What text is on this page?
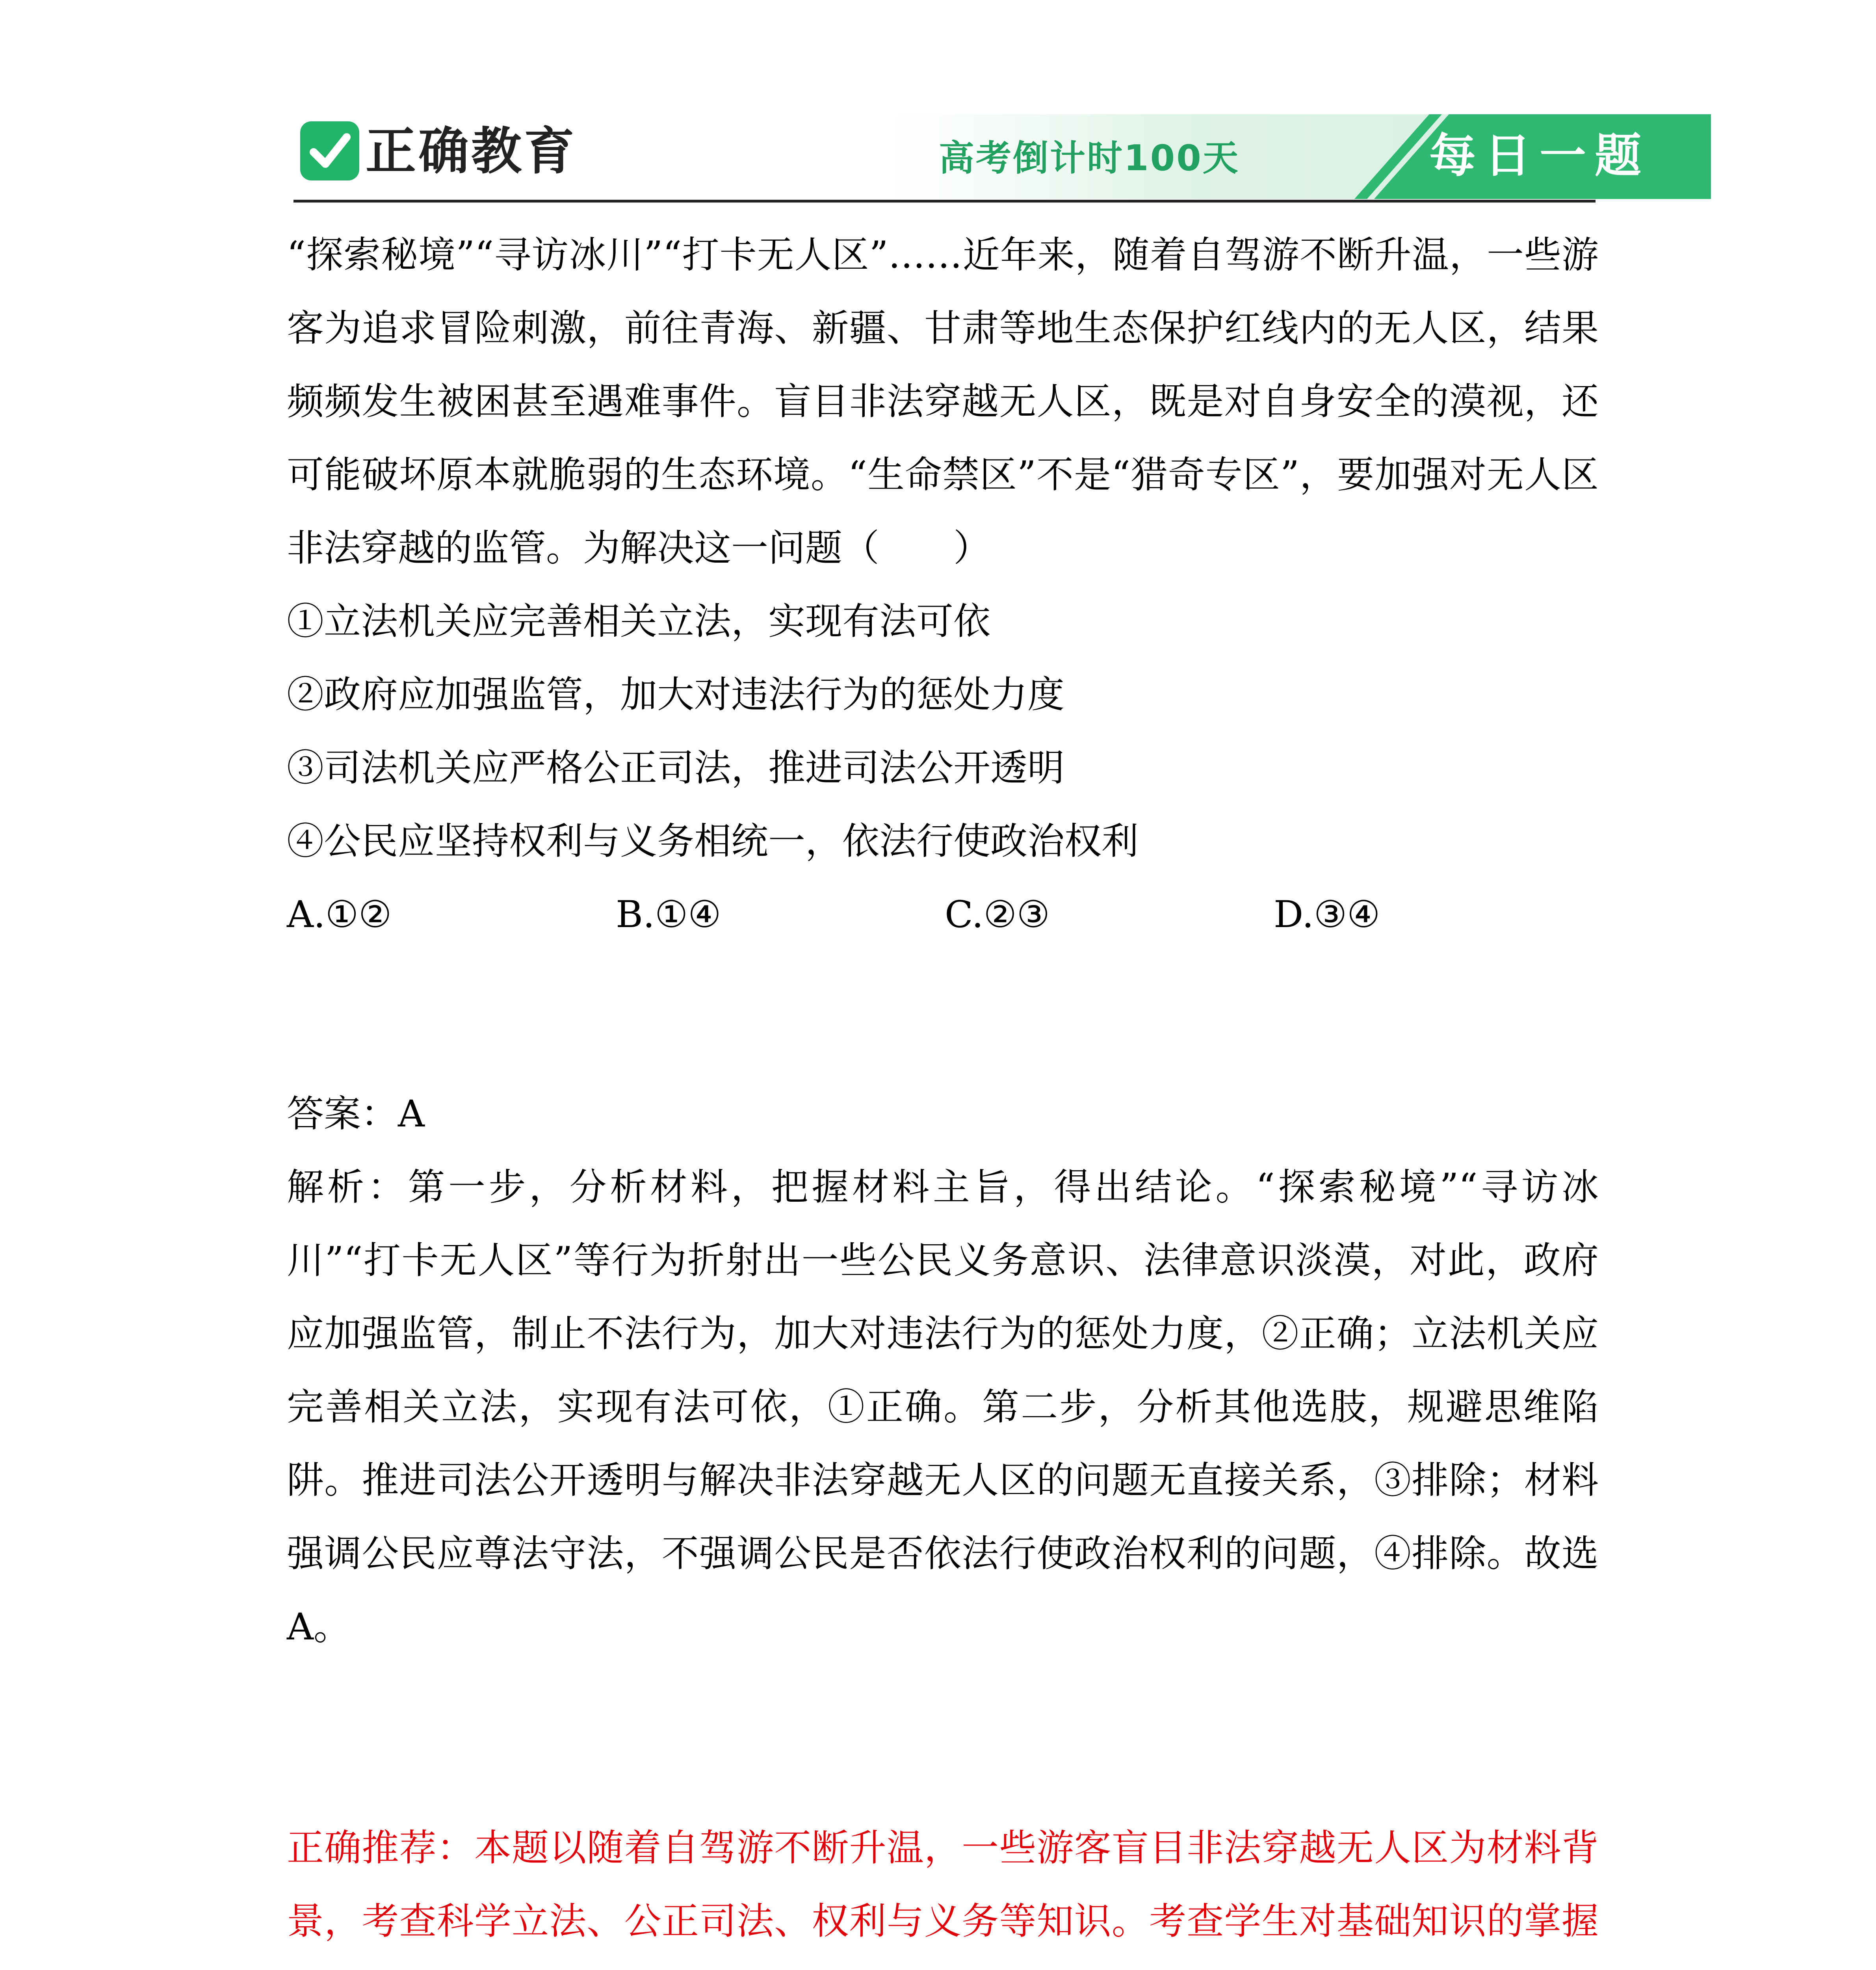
正确教育	高考倒计时100天	每日一题

“探索秘境”“寻访冰川”“打卡无人区”……近年来，随着自驾游不断升温，一些游客为追求冒险刺激，前往青海、新疆、甘肃等地生态保护红线内的无人区，结果频频发生被困甚至遇难事件。盲目非法穿越无人区，既是对自身安全的漠视，还可能破坏原本就脆弱的生态环境。“生命禁区”不是“猎奇专区”，要加强对无人区非法穿越的监管。为解决这一问题（　　）

①立法机关应完善相关立法，实现有法可依

②政府应加强监管，加大对违法行为的惩处力度

③司法机关应严格公正司法，推进司法公开透明

④公民应坚持权利与义务相统一，依法行使政治权利

A.①②	B.①④	C.②③	D.③④

答案：A

解析：第一步，分析材料，把握材料主旨，得出结论。“探索秘境”“寻访冰川”“打卡无人区”等行为折射出一些公民义务意识、法律意识淡漠，对此，政府应加强监管，制止不法行为，加大对违法行为的惩处力度，②正确；立法机关应完善相关立法，实现有法可依，①正确。第二步，分析其他选肢，规避思维陷阱。推进司法公开透明与解决非法穿越无人区的问题无直接关系，③排除；材料强调公民应尊法守法，不强调公民是否依法行使政治权利的问题，④排除。故选 A。

正确推荐：本题以随着自驾游不断升温，一些游客盲目非法穿越无人区为材料背景，考查科学立法、公正司法、权利与义务等知识。考查学生对基础知识的掌握
